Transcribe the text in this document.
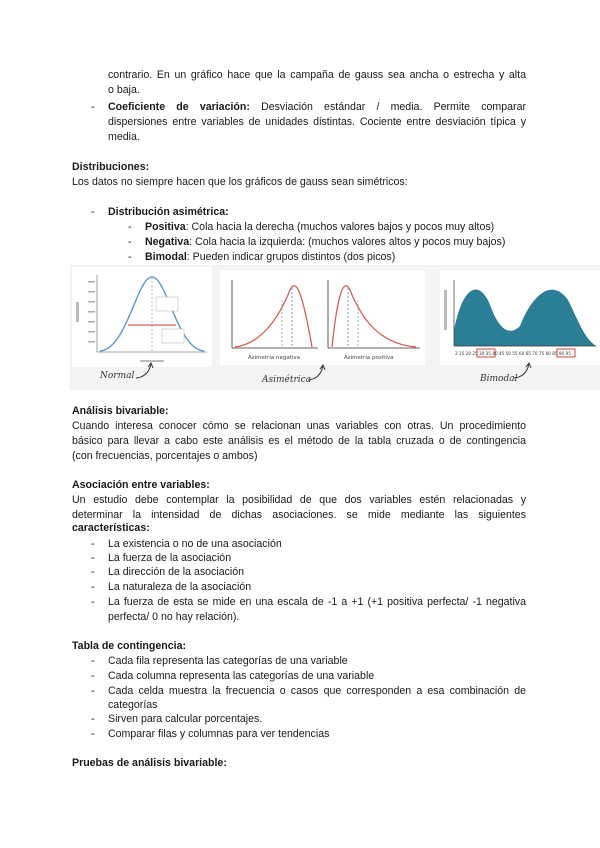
contrario. En un gráfico hace que la campaña de gauss sea ancha o estrecha y alta
o baja.
- Coeficiente de variación: Desviación estándar / media. Permite comparar
dispersiones entre variables de unidades distintas. Cociente entre desviación típica y
media.
Distribuciones:
Los datos no siempre hacen que los gráficos de gauss sean simétricos:
- Distribución asimétrica:
- Positiva: Cola hacia la derecha (muchos valores bajos y pocos muy altos)
- Negativa: Cola hacia la izquierda: (muchos valores altos y pocos muy bajos)
- Bimodal: Pueden indicar grupos distintos (dos picos)
Normal
Asimetría negativa	Asimetría positiva
Asimétrica
2 15 20 25 30 35 40 45 50 55 60 65 70 75 80 85 90 95
Bimodal
Análisis bivariable:
Cuando interesa conocer cómo se relacionan unas variables con otras. Un procedimiento
básico para llevar a cabo este análisis es el método de la tabla cruzada o de contingencia
(con frecuencias, porcentajes o ambos)
Asociación entre variables:
Un estudio debe contemplar la posibilidad de que dos variables estén relacionadas y
determinar la intensidad de dichas asociaciones. se mide mediante las siguientes
características:
- La existencia o no de una asociación
- La fuerza de la asociación
- La dirección de la asociación
- La naturaleza de la asociación
- La fuerza de esta se mide en una escala de -1 a +1 (+1 positiva perfecta/ -1 negativa
perfecta/ 0 no hay relación).
Tabla de contingencia:
- Cada fila representa las categorías de una variable
- Cada columna representa las categorías de una variable
- Cada celda muestra la frecuencia o casos que corresponden a esa combinación de
categorías
- Sirven para calcular porcentajes.
- Comparar filas y columnas para ver tendencias
Pruebas de análisis bivariable:
